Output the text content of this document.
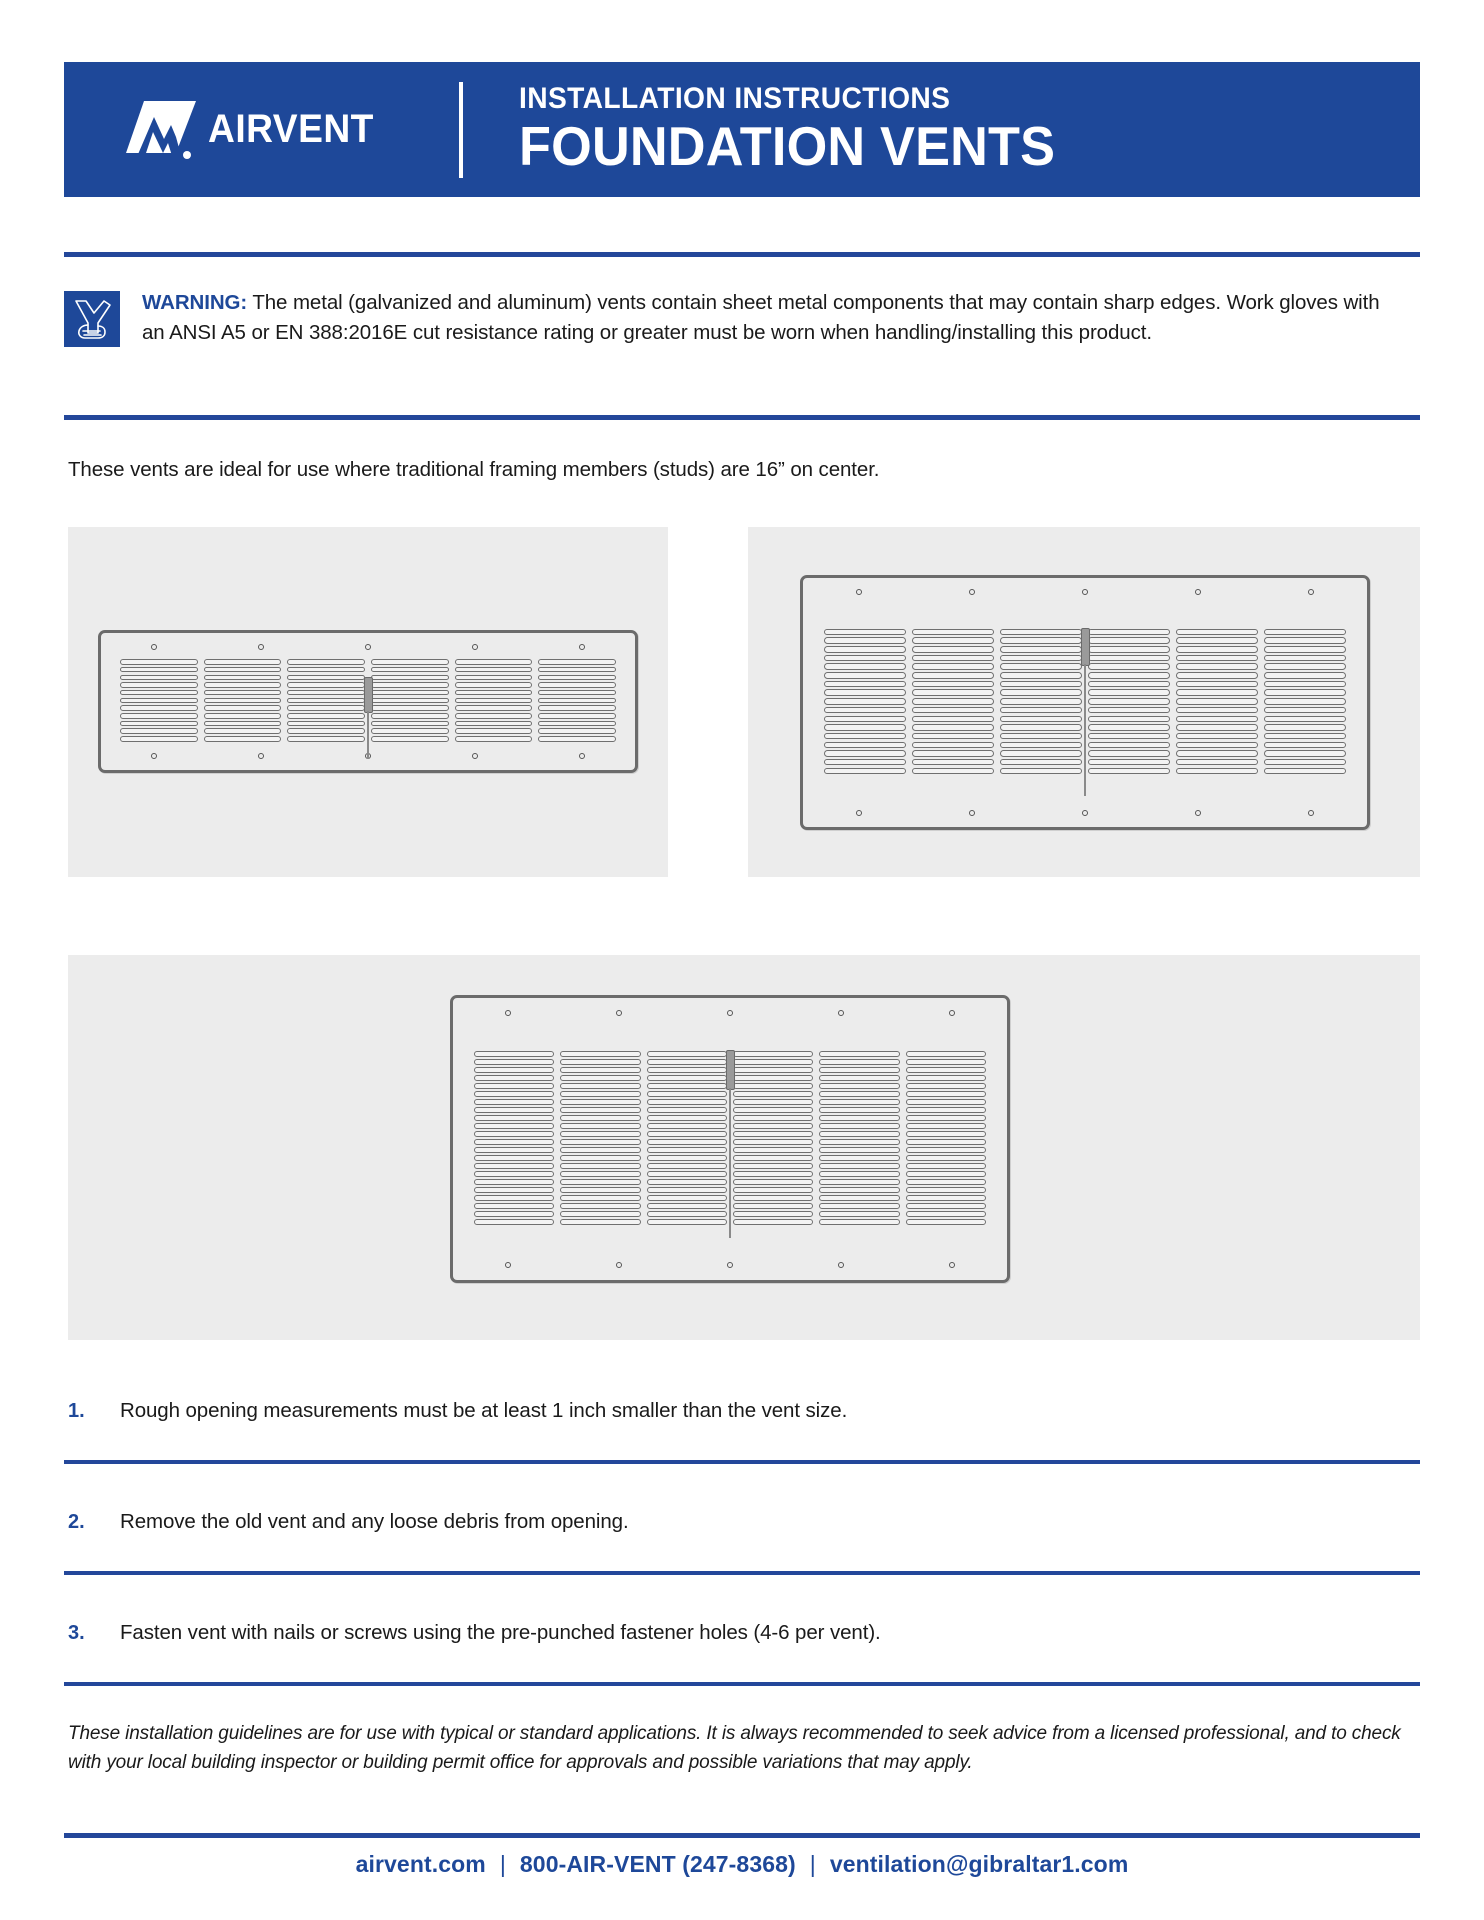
AIRVENT
INSTALLATION INSTRUCTIONS
FOUNDATION VENTS
WARNING: The metal (galvanized and aluminum) vents contain sheet metal components that may contain sharp edges. Work gloves with an ANSI A5 or EN 388:2016E cut resistance rating or greater must be worn when handling/installing this product.
These vents are ideal for use where traditional framing members (studs) are 16” on center.
1.	Rough opening measurements must be at least 1 inch smaller than the vent size.
2.	Remove the old vent and any loose debris from opening.
3.	Fasten vent with nails or screws using the pre-punched fastener holes (4-6 per vent).
These installation guidelines are for use with typical or standard applications. It is always recommended to seek advice from a licensed professional, and to check with your local building inspector or building permit office for approvals and possible variations that may apply.
airvent.com | 800-AIR-VENT (247-8368) | ventilation@gibraltar1.com
